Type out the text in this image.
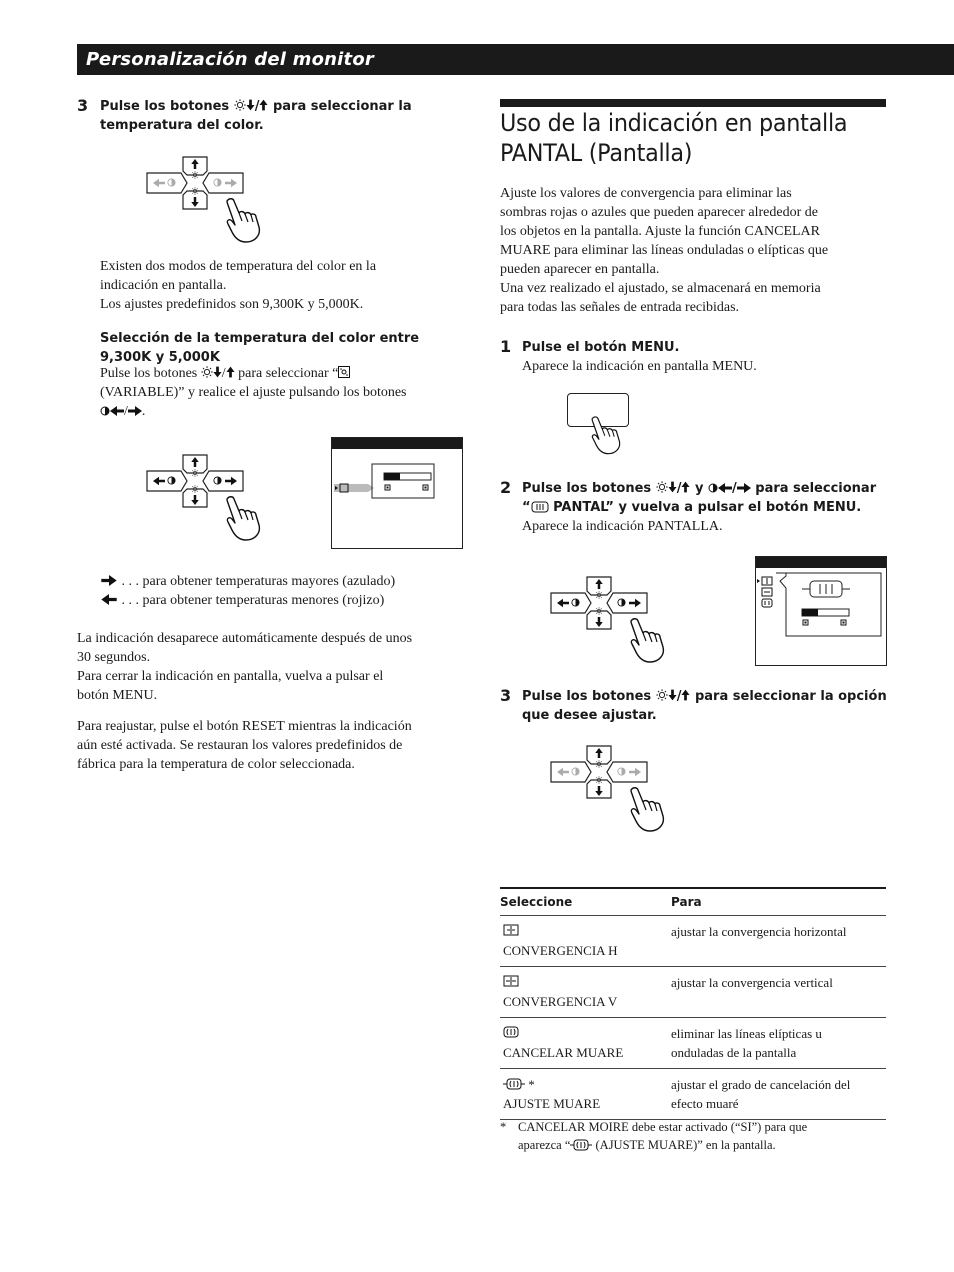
Personalización del monitor
3 Pulse los botones / para seleccionar la temperatura del color.
Existen dos modos de temperatura del color en la
indicación en pantalla.
Los ajustes predefinidos son 9,300K y 5,000K.
Selección de la temperatura del color entre 9,300K y 5,000K
Pulse los botones / para seleccionar “
(VARIABLE)” y realice el ajuste pulsando los botones
/ .
. . . para obtener temperaturas mayores (azulado)
. . . para obtener temperaturas menores (rojizo)
La indicación desaparece automáticamente después de unos
30 segundos.
Para cerrar la indicación en pantalla, vuelva a pulsar el
botón MENU.
Para reajustar, pulse el botón RESET mientras la indicación
aún esté activada. Se restauran los valores predefinidos de
fábrica para la temperatura de color seleccionada.
Uso de la indicación en pantalla
PANTAL (Pantalla)
Ajuste los valores de convergencia para eliminar las
sombras rojas o azules que pueden aparecer alrededor de
los objetos en la pantalla. Ajuste la función CANCELAR
MUARE para eliminar las líneas onduladas o elípticas que
pueden aparecer en pantalla.
Una vez realizado el ajustado, se almacenará en memoria
para todas las señales de entrada recibidas.
1 Pulse el botón MENU.
Aparece la indicación en pantalla MENU.
2 Pulse los botones / y / para seleccionar
“ PANTAL” y vuelva a pulsar el botón MENU.
Aparece la indicación PANTALLA.
3 Pulse los botones / para seleccionar la opción
que desee ajustar.
Seleccione	Para

CONVERGENCIA H	ajustar la convergencia horizontal

CONVERGENCIA V	ajustar la convergencia vertical

CANCELAR MUARE	eliminar las líneas elípticas u
onduladas de la pantalla
*
AJUSTE MUARE	ajustar el grado de cancelación del
efecto muaré
* CANCELAR MOIRE debe estar activado (“SI”) para que
aparezca “ (AJUSTE MUARE)” en la pantalla.
